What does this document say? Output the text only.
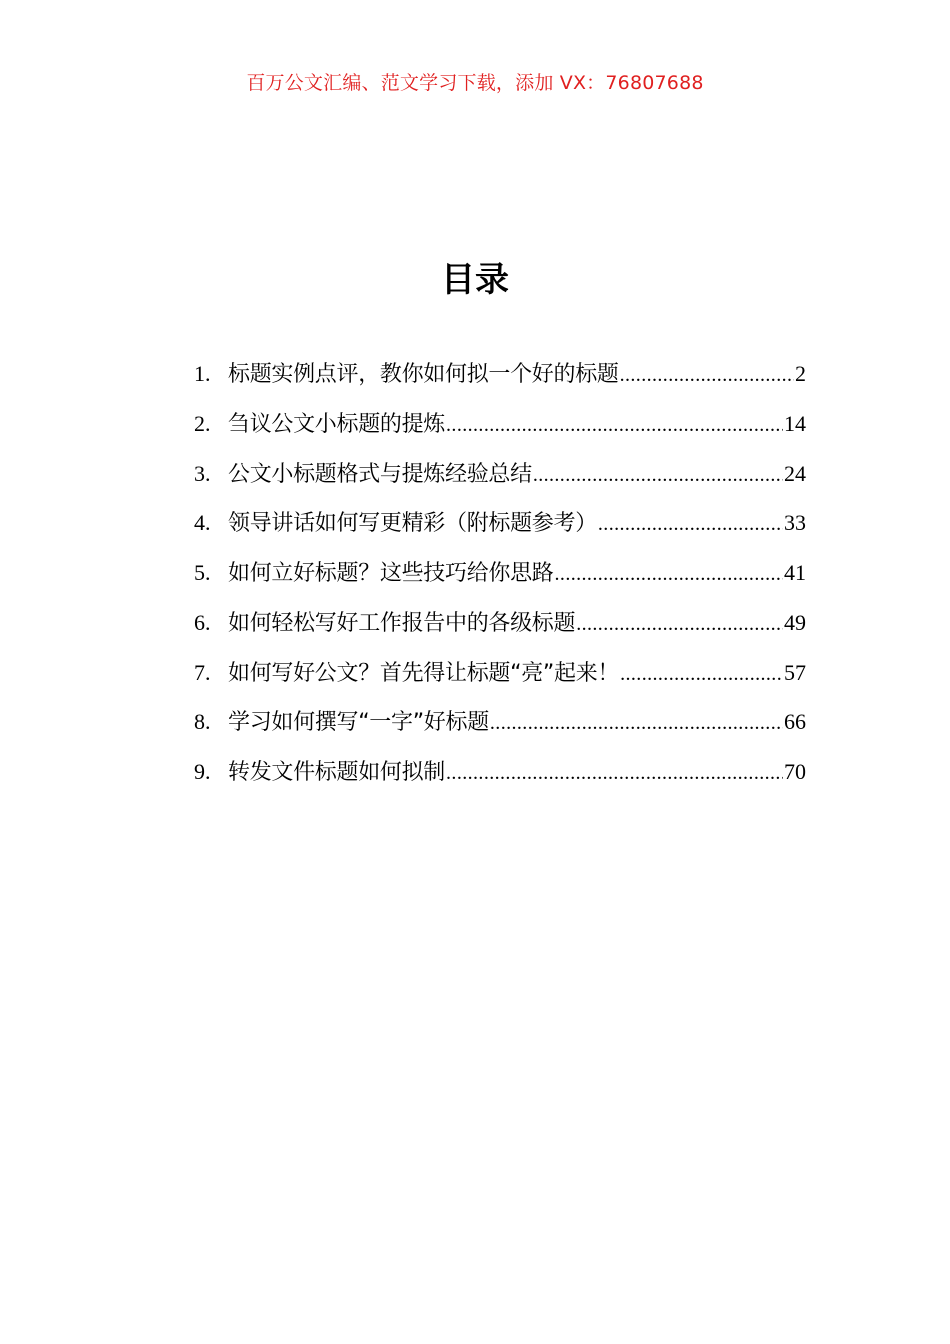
百万公文汇编、范文学习下载，添加 VX：76807688
目录
1. 标题实例点评，教你如何拟一个好的标题 .....	2
2. 刍议公文小标题的提炼 .....	14
3. 公文小标题格式与提炼经验总结 .....	24
4. 领导讲话如何写更精彩（附标题参考） .....	33
5. 如何立好标题？这些技巧给你思路 .....	41
6. 如何轻松写好工作报告中的各级标题 .....	49
7. 如何写好公文？首先得让标题“亮”起来！ .....	57
8. 学习如何撰写“一字”好标题 .....	66
9. 转发文件标题如何拟制 .....	70
